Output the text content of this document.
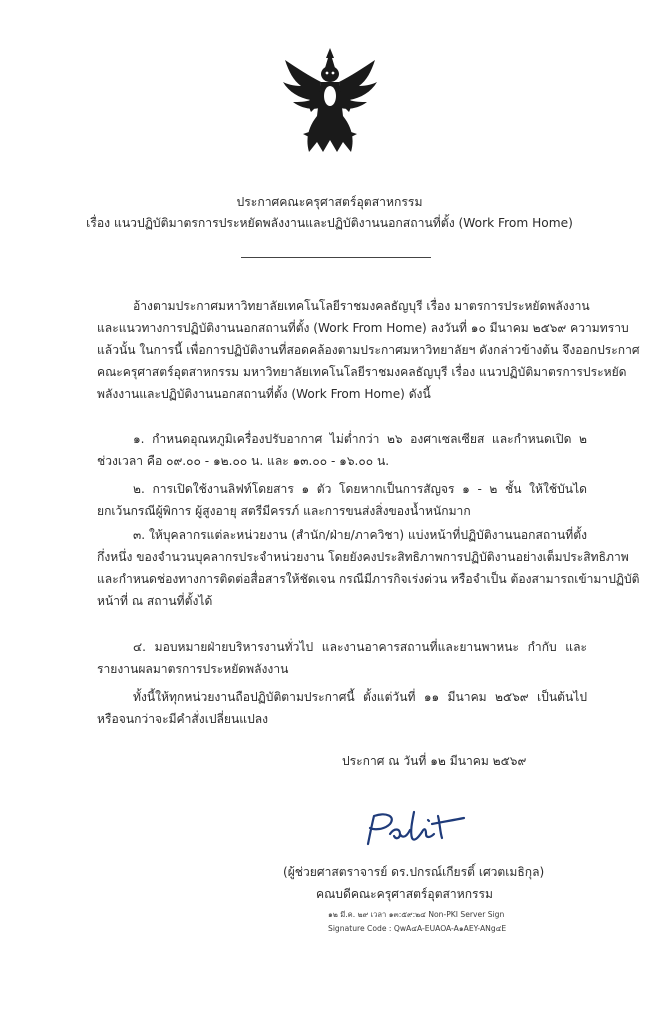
ประกาศคณะครุศาสตร์อุตสาหกรรม
เรื่อง แนวปฏิบัติมาตรการประหยัดพลังงานและปฏิบัติงานนอกสถานที่ตั้ง (Work From Home)
อ้างตามประกาศมหาวิทยาลัยเทคโนโลยีราชมงคลธัญบุรี เรื่อง มาตรการประหยัดพลังงาน
และแนวทางการปฏิบัติงานนอกสถานที่ตั้ง (Work From Home) ลงวันที่ ๑๐ มีนาคม ๒๕๖๙ ความทราบ
แล้วนั้น ในการนี้ เพื่อการปฏิบัติงานที่สอดคล้องตามประกาศมหาวิทยาลัยฯ ดังกล่าวข้างต้น จึงออกประกาศ
คณะครุศาสตร์อุตสาหกรรม มหาวิทยาลัยเทคโนโลยีราชมงคลธัญบุรี เรื่อง แนวปฏิบัติมาตรการประหยัด
พลังงานและปฏิบัติงานนอกสถานที่ตั้ง (Work From Home) ดังนี้
๑. กำหนดอุณหภูมิเครื่องปรับอากาศ ไม่ต่ำกว่า ๒๖ องศาเซลเซียส และกำหนดเปิด ๒
ช่วงเวลา คือ ๐๙.๐๐ - ๑๒.๐๐ น. และ ๑๓.๐๐ - ๑๖.๐๐ น.
๒. การเปิดใช้งานลิฟท์โดยสาร ๑ ตัว โดยหากเป็นการสัญจร ๑ - ๒ ชั้น ให้ใช้บันได
ยกเว้นกรณีผู้พิการ ผู้สูงอายุ สตรีมีครรภ์ และการขนส่งสิ่งของน้ำหนักมาก
๓. ให้บุคลากรแต่ละหน่วยงาน (สำนัก/ฝ่าย/ภาควิชา) แบ่งหน้าที่ปฏิบัติงานนอกสถานที่ตั้ง
กึ่งหนึ่ง ของจำนวนบุคลากรประจำหน่วยงาน โดยยังคงประสิทธิภาพการปฏิบัติงานอย่างเต็มประสิทธิภาพ
และกำหนดช่องทางการติดต่อสื่อสารให้ชัดเจน กรณีมีภารกิจเร่งด่วน หรือจำเป็น ต้องสามารถเข้ามาปฏิบัติ
หน้าที่ ณ สถานที่ตั้งได้
๔. มอบหมายฝ่ายบริหารงานทั่วไป และงานอาคารสถานที่และยานพาหนะ กำกับ และ
รายงานผลมาตรการประหยัดพลังงาน
ทั้งนี้ให้ทุกหน่วยงานถือปฏิบัติตามประกาศนี้ ตั้งแต่วันที่ ๑๑ มีนาคม ๒๕๖๙ เป็นต้นไป
หรือจนกว่าจะมีคำสั่งเปลี่ยนแปลง
ประกาศ ณ วันที่ ๑๒ มีนาคม ๒๕๖๙
(ผู้ช่วยศาสตราจารย์ ดร.ปกรณ์เกียรติ์ เศวตเมธิกุล)
คณบดีคณะครุศาสตร์อุตสาหกรรม
๑๒ มี.ค. ๒๙ เวลา ๑๓:๕๙:๒๔ Non-PKI Server Sign
Signature Code : QwA๔A-EUAOA-A๑AEY-ANg๔E
